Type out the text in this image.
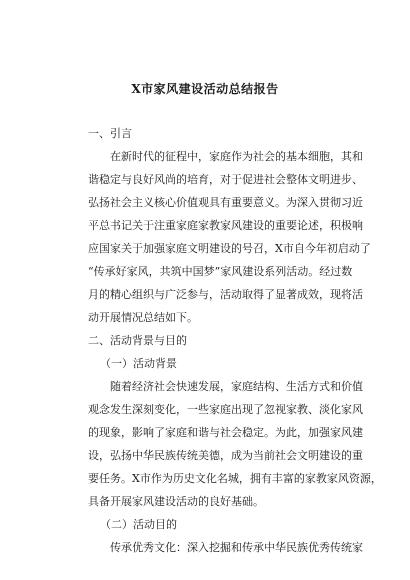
X市家风建设活动总结报告
一、引言
在新时代的征程中，家庭作为社会的基本细胞，其和
谐稳定与良好风尚的培育，对于促进社会整体文明进步、
弘扬社会主义核心价值观具有重要意义。为深入贯彻习近
平总书记关于注重家庭家教家风建设的重要论述，积极响
应国家关于加强家庭文明建设的号召，X市自今年初启动了
“传承好家风，共筑中国梦”家风建设系列活动。经过数
月的精心组织与广泛参与，活动取得了显著成效，现将活
动开展情况总结如下。
二、活动背景与目的
（一）活动背景
随着经济社会快速发展，家庭结构、生活方式和价值
观念发生深刻变化，一些家庭出现了忽视家教、淡化家风
的现象，影响了家庭和谐与社会稳定。为此，加强家风建
设，弘扬中华民族传统美德，成为当前社会文明建设的重
要任务。X市作为历史文化名城，拥有丰富的家教家风资源，
具备开展家风建设活动的良好基础。
（二）活动目的
传承优秀文化：深入挖掘和传承中华民族优秀传统家
